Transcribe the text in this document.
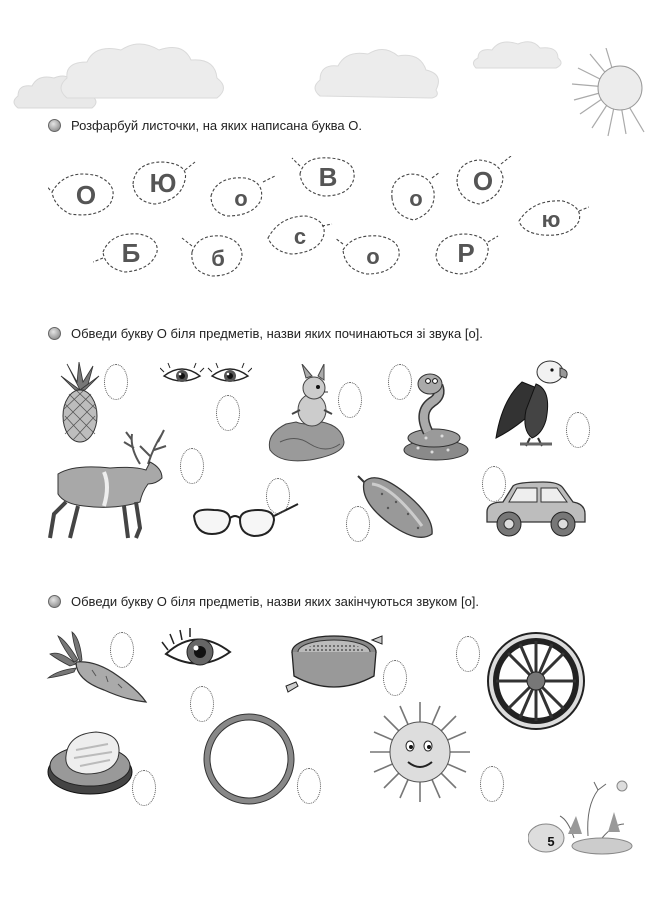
Розфарбуй листочки, на яких написана буква О.
О	Ю
о
В
о
О
ю
Б	б
с
о	Р
Обведи букву О біля предметів, назви яких починаються зі звука [о].
Обведи букву О біля предметів, назви яких закінчуються звуком [о].
5
